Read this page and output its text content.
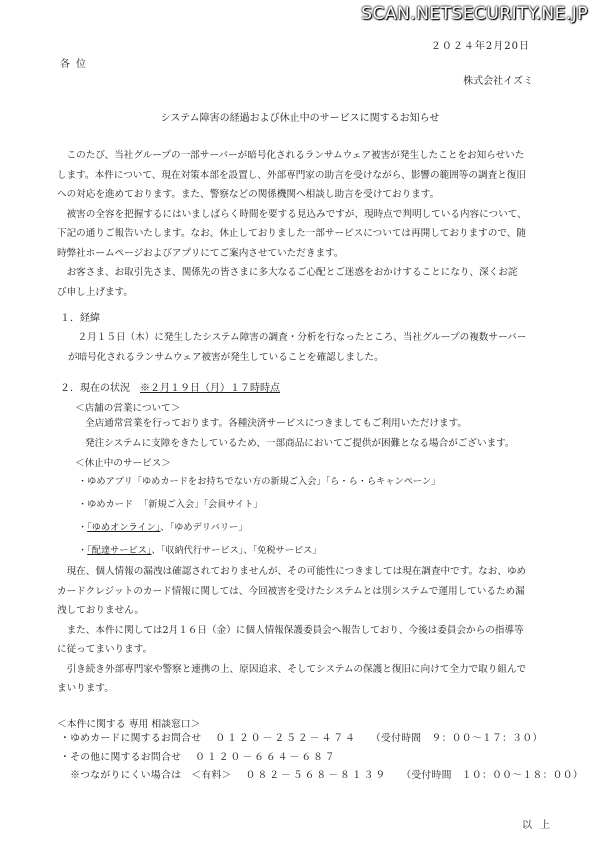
SCAN.NETSECURITY.NE.JP
２０２４年2月20日
各位
株式会社イズミ
システム障害の経過および休止中のサービスに関するお知らせ

このたび、当社グループの一部サーバーが暗号化されるランサムウェア被害が発生したことをお知らせいたします。本件について、現在対策本部を設置し、外部専門家の助言を受けながら、影響の範囲等の調査と復旧への対応を進めております。また、警察などの関係機関へ相談し助言を受けております。

被害の全容を把握するにはいましばらく時間を要する見込みですが、現時点で判明している内容について、下記の通りご報告いたします。なお、休止しておりました一部サービスについては再開しておりますので、随時弊社ホームページおよびアプリにてご案内させていただきます。

お客さま、お取引先さま、関係先の皆さまに多大なるご心配とご迷惑をおかけすることになり、深くお詫び申し上げます。

１．経緯

２月１５日（木）に発生したシステム障害の調査・分析を行なったところ、当社グループの複数サーバーが暗号化されるランサムウェア被害が発生していることを確認しました。

２．現在の状況 ※２月１９日（月）１７時時点
＜店舗の営業について＞
全店通常営業を行っております。各種決済サービスにつきましてもご利用いただけます。
発注システムに支障をきたしているため、一部商品においてご提供が困難となる場合がございます。
＜休止中のサービス＞
・ゆめアプリ「ゆめカードをお持ちでない方の新規ご入会」「ら・ら・らキャンペーン」
・ゆめカード 「新規ご入会」「会員サイト」
・「ゆめオンライン」、「ゆめデリバリー」
・「配達サービス」、「収納代行サービス」、「免税サービス」

現在、個人情報の漏洩は確認されておりませんが、その可能性につきましては現在調査中です。なお、ゆめカードクレジットのカード情報に関しては、今回被害を受けたシステムとは別システムで運用しているため漏洩しておりません。

また、本件に関しては2月１６日（金）に個人情報保護委員会へ報告しており、今後は委員会からの指導等に従ってまいります。

引き続き外部専門家や警察と連携の上、原因追求、そしてシステムの保護と復旧に向けて全力で取り組んでまいります。

＜本件に関する 専用 相談窓口＞
・ゆめカードに関するお問合せ ０１２０－２５２－４７４ （受付時間　９：００～１７：３０）
・その他に関するお問合せ ０１２０－６６４－６８７
　※つながりにくい場合は　＜有料＞ ０８２－５６８－８１３９ （受付時間　１０：００～１８：００）
以上
